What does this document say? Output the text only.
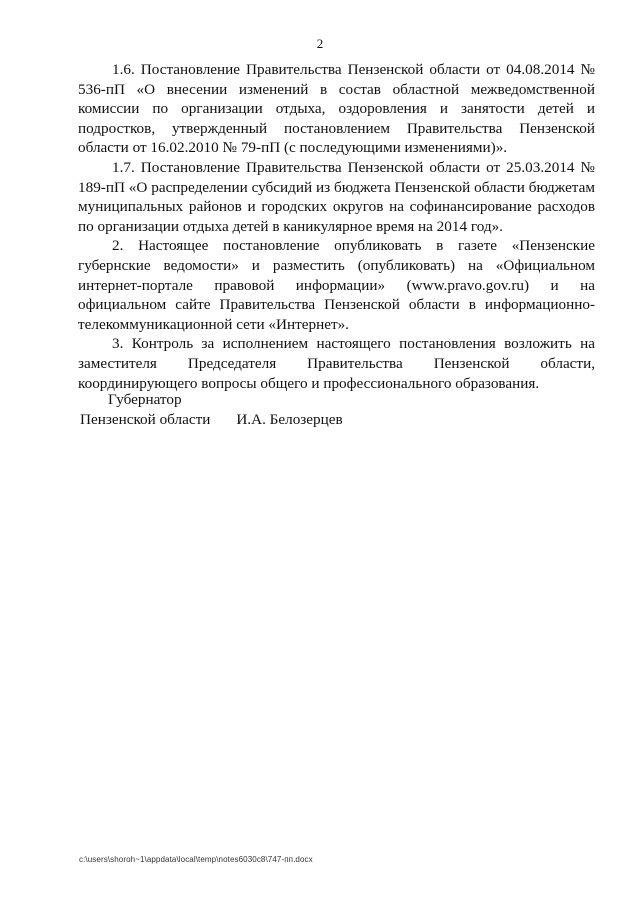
2

1.6. Постановление Правительства Пензенской области от 04.08.2014 № 536-пП «О внесении изменений в состав областной межведомственной комиссии по организации отдыха, оздоровления и занятости детей и подростков, утвержденный постановлением Правительства Пензенской области от 16.02.2010 № 79-пП (с последующими изменениями)».

1.7. Постановление Правительства Пензенской области от 25.03.2014 № 189-пП «О распределении субсидий из бюджета Пензенской области бюджетам муниципальных районов и городских округов на софинансирование расходов по организации отдыха детей в каникулярное время на 2014 год».

2. Настоящее постановление опубликовать в газете «Пензенские губернские ведомости» и разместить (опубликовать) на «Официальном интернет-портале правовой информации» (www.pravo.gov.ru) и на официальном сайте Правительства Пензенской области в информационно-телекоммуникационной сети «Интернет».

3. Контроль за исполнением настоящего постановления возложить на заместителя Председателя Правительства Пензенской области, координирующего вопросы общего и профессионального образования.

Губернатор
Пензенской области И.А. Белозерцев
c:\users\shoroh~1\appdata\local\temp\notes6030c8\747-пп.docx
